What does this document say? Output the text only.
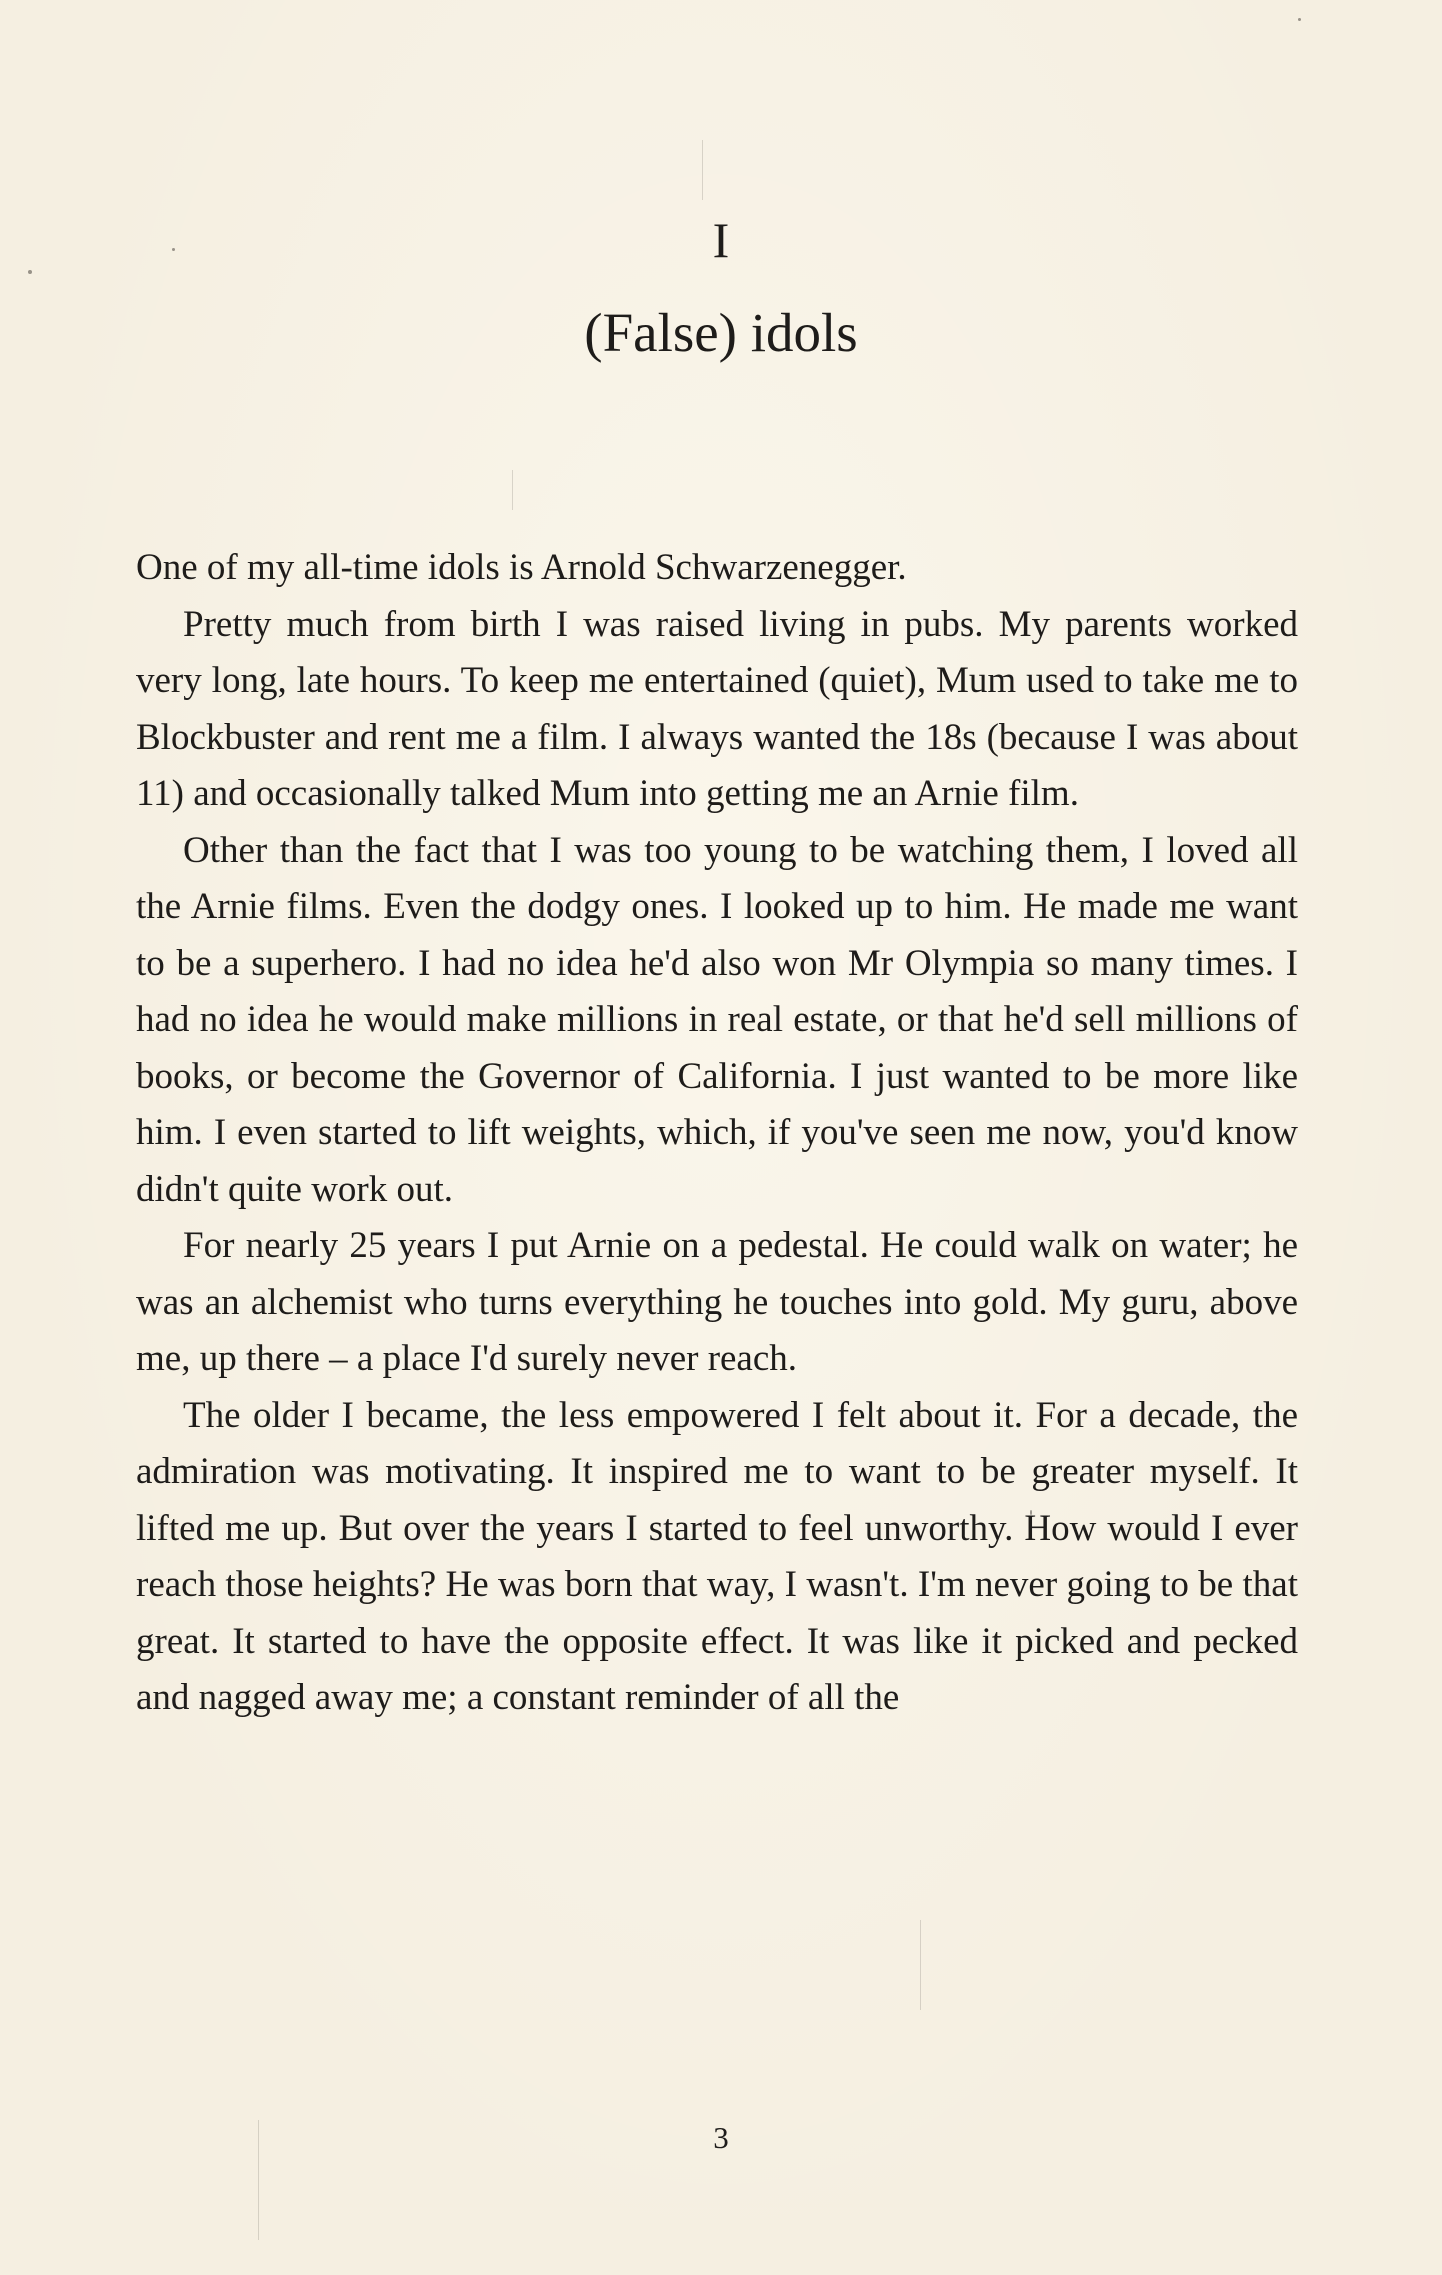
I
(False) idols

One of my all-time idols is Arnold Schwarzenegger.

Pretty much from birth I was raised living in pubs. My parents worked very long, late hours. To keep me entertained (quiet), Mum used to take me to Blockbuster and rent me a film. I always wanted the 18s (because I was about 11) and occasionally talked Mum into getting me an Arnie film.

Other than the fact that I was too young to be watching them, I loved all the Arnie films. Even the dodgy ones. I looked up to him. He made me want to be a superhero. I had no idea he'd also won Mr Olympia so many times. I had no idea he would make millions in real estate, or that he'd sell millions of books, or become the Governor of California. I just wanted to be more like him. I even started to lift weights, which, if you've seen me now, you'd know didn't quite work out.

For nearly 25 years I put Arnie on a pedestal. He could walk on water; he was an alchemist who turns everything he touches into gold. My guru, above me, up there – a place I'd surely never reach.

The older I became, the less empowered I felt about it. For a decade, the admiration was motivating. It inspired me to want to be greater myself. It lifted me up. But over the years I started to feel unworthy. How would I ever reach those heights? He was born that way, I wasn't. I'm never going to be that great. It started to have the opposite effect. It was like it picked and pecked and nagged away me; a constant reminder of all the

3
